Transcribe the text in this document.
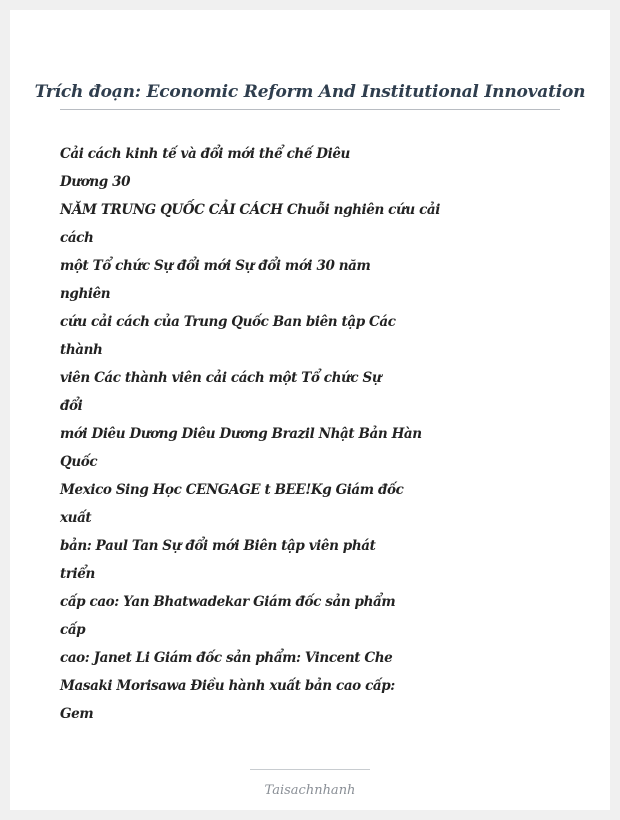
Trích đoạn: Economic Reform And Institutional Innovation
Cải cách kinh tế và đổi mới thể chế Diêu
Dương 30
NĂM TRUNG QUỐC CẢI CÁCH Chuỗi nghiên cứu cải
cách
một Tổ chức Sự đổi mới Sự đổi mới 30 năm
nghiên
cứu cải cách của Trung Quốc Ban biên tập Các
thành
viên Các thành viên cải cách một Tổ chức Sự
đổi
mới Diêu Dương Diêu Dương Brazil Nhật Bản Hàn
Quốc
Mexico Sing Học CENGAGE t BEE!Kg Giám đốc
xuất
bản: Paul Tan Sự đổi mới Biên tập viên phát
triển
cấp cao: Yan Bhatwadekar Giám đốc sản phẩm
cấp
cao: Janet Li Giám đốc sản phẩm: Vincent Che
Masaki Morisawa Điều hành xuất bản cao cấp:
Gem
Taisachnhanh
